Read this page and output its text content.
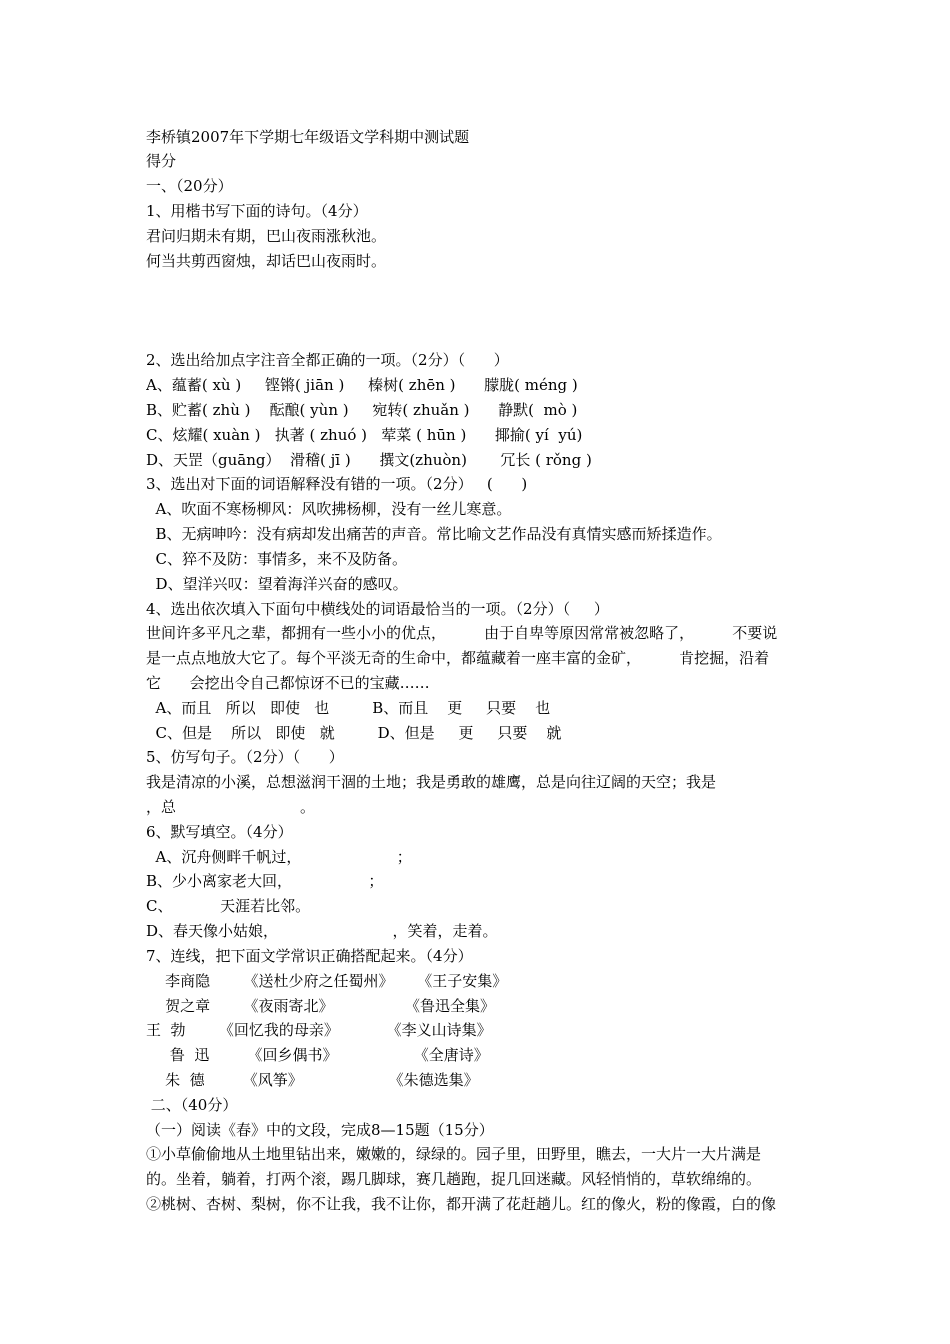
李桥镇2007年下学期七年级语文学科期中测试题
得分
一、（20分）
1、用楷书写下面的诗句。（4分）
君问归期未有期，巴山夜雨涨秋池。
何当共剪西窗烛，却话巴山夜雨时。
2、选出给加点字注音全都正确的一项。（2分）（      ）
A、蕴蓄( xù )     铿锵( jiān )     榛树( zhēn )      朦胧( méng )
B、贮蓄( zhù )    酝酿( yùn )     宛转( zhuǎn )      静默(  mò )
C、炫耀( xuàn )   执著 ( zhuó )   荤菜 ( hūn )      揶揄( yí  yú)
D、天罡（guāng）  滑稽( jī )      撰文(zhuòn)       冗长 ( rǒng )
3、选出对下面的词语解释没有错的一项。（2分）   (      )
A、吹面不寒杨柳风：风吹拂杨柳，没有一丝儿寒意。
B、无病呻吟：没有病却发出痛苦的声音。常比喻文艺作品没有真情实感而矫揉造作。
C、猝不及防：事情多，来不及防备。
D、望洋兴叹：望着海洋兴奋的感叹。
4、选出依次填入下面句中横线处的词语最恰当的一项。（2分）（     ）
世间许多平凡之辈，都拥有一些小小的优点，        由于自卑等原因常常被忽略了，        不要说
是一点点地放大它了。每个平淡无奇的生命中，都蕴藏着一座丰富的金矿，        肯挖掘，沿着
它      会挖出令自己都惊讶不已的宝藏……
A、而且   所以   即使   也         B、而且    更     只要    也
C、但是    所以   即使   就         D、但是     更     只要    就
5、仿写句子。（2分）（      ）
我是清凉的小溪，总想滋润干涸的土地；我是勇敢的雄鹰，总是向往辽阔的天空；我是
，总                          。
6、默写填空。（4分）
A、沉舟侧畔千帆过，                    ；
B、少小离家老大回，                ；
C、          天涯若比邻。
D、春天像小姑娘，                        ，笑着，走着。
7、连线，把下面文学常识正确搭配起来。（4分）
李商隐       《送杜少府之任蜀州》     《王子安集》
贺之章       《夜雨寄北》               《鲁迅全集》
王  勃       《回忆我的母亲》          《李义山诗集》
鲁  迅        《回乡偶书》                《全唐诗》
朱  德        《风筝》                  《朱德选集》
二、（40分）
（一）阅读《春》中的文段，完成8—15题（15分）
①小草偷偷地从土地里钻出来，嫩嫩的，绿绿的。园子里，田野里，瞧去，一大片一大片满是
的。坐着，躺着，打两个滚，踢几脚球，赛几趟跑，捉几回迷藏。风轻悄悄的，草软绵绵的。
②桃树、杏树、梨树，你不让我，我不让你，都开满了花赶趟儿。红的像火，粉的像霞，白的像
